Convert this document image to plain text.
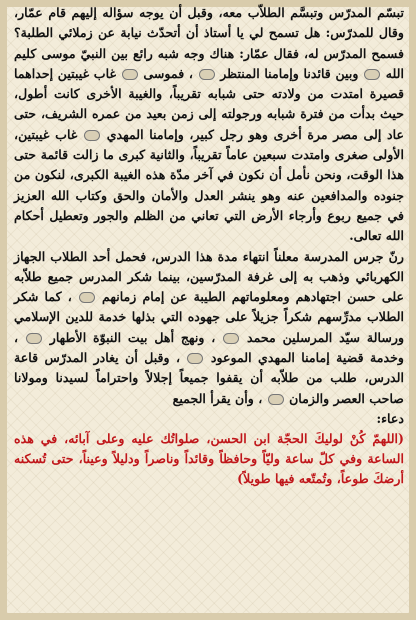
تبسّم المدرّس وتبسَّم الطلاّب معه، وقبل أن يوجه سؤاله إليهم قام عمّار، وقال للمدرّس: هل تسمح لي يا أستاذ أن أتحدّث نيابة عن زملائي الطلبة؟ فسمح المدرّس له، فقال عمّار: هناك وجه شبه رائع بين النبيّ موسى كليم الله  وبين قائدنا وإمامنا المنتظر  ، فموسى  غاب غيبتين إحداهما قصيرة امتدت من ولادته حتى شبابه تقريباً، والغيبة الأخرى كانت أطول، حيث بدأت من فترة شبابه ورجولته إلى زمن بعيد من عمره الشريف، حتى عاد إلى مصر مرة أخرى وهو رجل كبير، وإمامنا المهدي  غاب غيبتين، الأولى صغرى وامتدت سبعين عاماً تقريباً، والثانية كبرى ما زالت قائمة حتى هذا الوقت، ونحن نأمل أن نكون في آخر مدّة هذه الغيبة الكبرى، لنكون من جنوده والمدافعين عنه وهو ينشر العدل والأمان والحق وكتاب الله العزيز في جميع ربوع وأرجاء الأرض التي تعاني من الظلم والجور وتعطيل أحكام الله تعالى.

رنّ جرس المدرسة معلناً انتهاء مدة هذا الدرس، فحمل أحد الطلاب الجهاز الكهربائي وذهب به إلى غرفة المدرّسين، بينما شكر المدرس جميع طلاّبه على حسن اجتهادهم ومعلوماتهم الطيبة عن إمام زمانهم  ، كما شكر الطلاب مدرِّسهم شكراً جزيلاً على جهوده التي بذلها خدمة للدين الإسلامي ورسالة سيّد المرسلين محمد  ، ونهج أهل بيت النبوّة الأطهار  ، وخدمة قضية إمامنا المهدي الموعود  ، وقبل أن يغادر المدرّس قاعة الدرس، طلب من طلاّبه أن يقفوا جميعاً إجلالاً واحتراماً لسيدنا ومولانا صاحب العصر والزمان  ، وأن يقرأ الجميع

دعاء:

(اللهمّ كُنْ لوليكَ الحجّة ابن الحسن، صلواتُك عليه وعلى آبائه، في هذه الساعة وفي كلّ ساعة وليّاً وحافظاً وقائداً وناصراً ودليلاً وعيناً، حتى تُسكنه أرضكَ طوعاً، وتُمتّعه فيها طويلاً)
